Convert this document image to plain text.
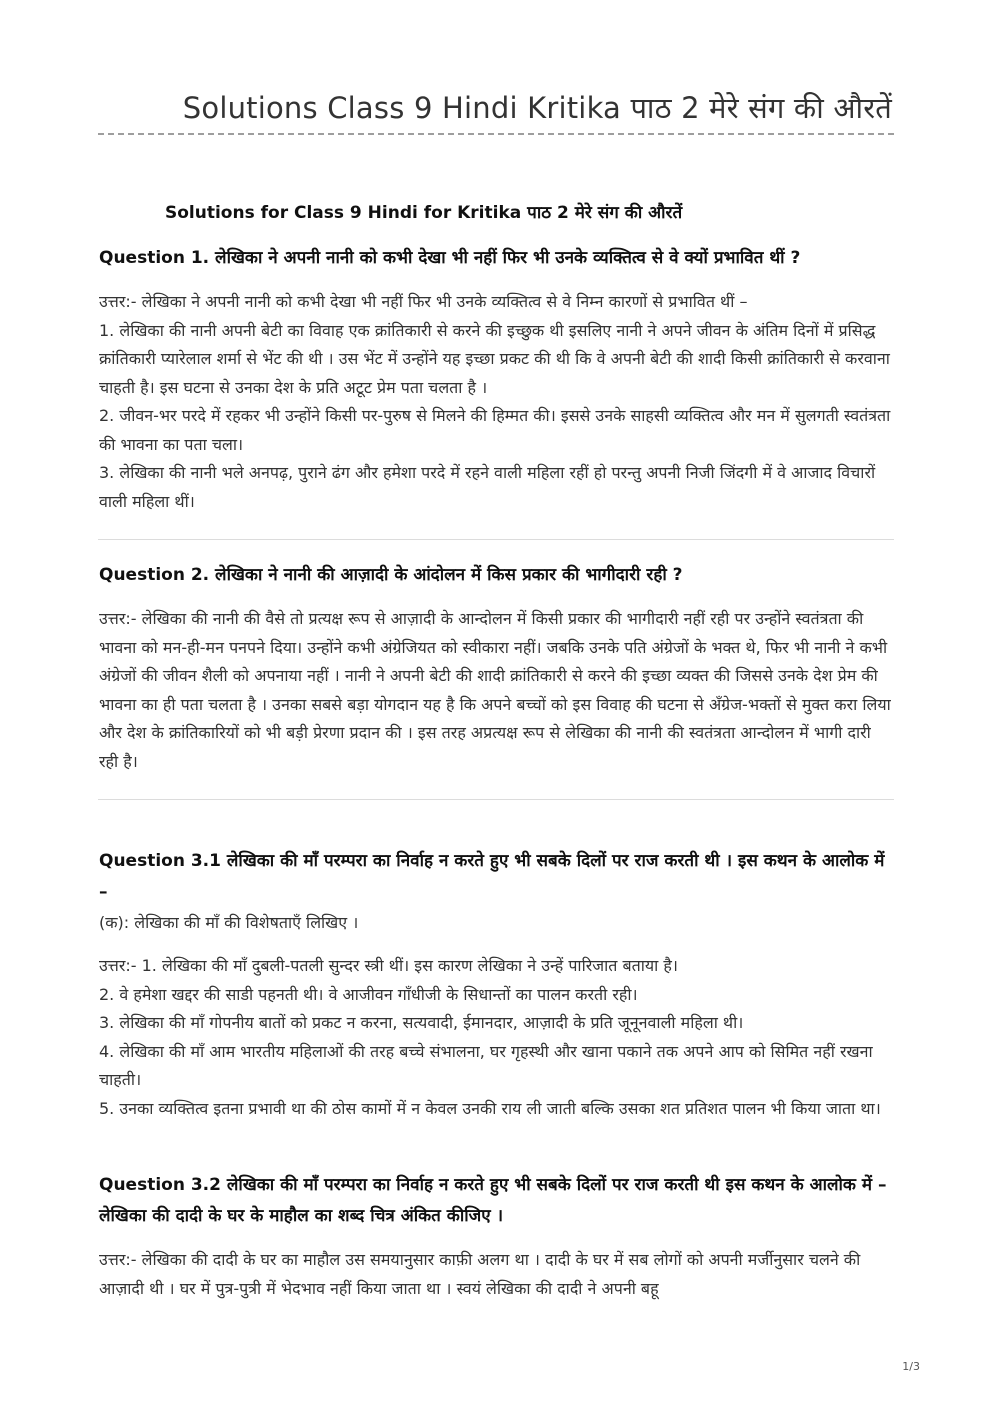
Solutions Class 9 Hindi Kritika पाठ 2 मेरे संग की औरतें
Solutions for Class 9 Hindi for Kritika पाठ 2 मेरे संग की औरतें
Question 1. लेखिका ने अपनी नानी को कभी देखा भी नहीं फिर भी उनके व्यक्तित्व से वे क्यों प्रभावित थीं ?

उत्तर:- लेखिका ने अपनी नानी को कभी देखा भी नहीं फिर भी उनके व्यक्तित्व से वे निम्न कारणों से प्रभावित थीं –

1. लेखिका की नानी अपनी बेटी का विवाह एक क्रांतिकारी से करने की इच्छुक थी इसलिए नानी ने अपने जीवन के अंतिम दिनों में प्रसिद्ध क्रांतिकारी प्यारेलाल शर्मा से भेंट की थी । उस भेंट में उन्होंने यह इच्छा प्रकट की थी कि वे अपनी बेटी की शादी किसी क्रांतिकारी से करवाना चाहती है। इस घटना से उनका देश के प्रति अटूट प्रेम पता चलता है ।

2. जीवन-भर परदे में रहकर भी उन्होंने किसी पर-पुरुष से मिलने की हिम्मत की। इससे उनके साहसी व्यक्तित्व और मन में सुलगती स्वतंत्रता की भावना का पता चला।

3. लेखिका की नानी भले अनपढ़, पुराने ढंग और हमेशा परदे में रहने वाली महिला रहीं हो परन्तु अपनी निजी जिंदगी में वे आजाद विचारों वाली महिला थीं।

Question 2. लेखिका ने नानी की आज़ादी के आंदोलन में किस प्रकार की भागीदारी रही ?

उत्तर:- लेखिका की नानी की वैसे तो प्रत्यक्ष रूप से आज़ादी के आन्दोलन में किसी प्रकार की भागीदारी नहीं रही पर उन्होंने स्वतंत्रता की भावना को मन-ही-मन पनपने दिया। उन्होंने कभी अंग्रेजियत को स्वीकारा नहीं। जबकि उनके पति अंग्रेजों के भक्त थे, फिर भी नानी ने कभी अंग्रेजों की जीवन शैली को अपनाया नहीं । नानी ने अपनी बेटी की शादी क्रांतिकारी से करने की इच्छा व्यक्त की जिससे उनके देश प्रेम की भावना का ही पता चलता है । उनका सबसे बड़ा योगदान यह है कि अपने बच्चों को इस विवाह की घटना से अँग्रेज-भक्तों से मुक्त करा लिया और देश के क्रांतिकारियों को भी बड़ी प्रेरणा प्रदान की । इस तरह अप्रत्यक्ष रूप से लेखिका की नानी की स्वतंत्रता आन्दोलन में भागी दारी रही है।

Question 3.1 लेखिका की माँ परम्परा का निर्वाह न करते हुए भी सबके दिलों पर राज करती थी । इस कथन के आलोक में –
(क): लेखिका की माँ की विशेषताएँ लिखिए ।

उत्तर:- 1. लेखिका की माँ दुबली-पतली सुन्दर स्त्री थीं। इस कारण लेखिका ने उन्हें पारिजात बताया है।

2. वे हमेशा खद्दर की साडी पहनती थी। वे आजीवन गाँधीजी के सिधान्तों का पालन करती रही।

3. लेखिका की माँ गोपनीय बातों को प्रकट न करना, सत्यवादी, ईमानदार, आज़ादी के प्रति जूनूनवाली महिला थी।

4. लेखिका की माँ आम भारतीय महिलाओं की तरह बच्चे संभालना, घर गृहस्थी और खाना पकाने तक अपने आप को सिमित नहीं रखना चाहती।

5. उनका व्यक्तित्व इतना प्रभावी था की ठोस कामों में न केवल उनकी राय ली जाती बल्कि उसका शत प्रतिशत पालन भी किया जाता था।

Question 3.2 लेखिका की माँ परम्परा का निर्वाह न करते हुए भी सबके दिलों पर राज करती थी इस कथन के आलोक में –
लेखिका की दादी के घर के माहौल का शब्द चित्र अंकित कीजिए ।

उत्तर:- लेखिका की दादी के घर का माहौल उस समयानुसार काफ़ी अलग था । दादी के घर में सब लोगों को अपनी मर्जीनुसार चलने की आज़ादी थी । घर में पुत्र-पुत्री में भेदभाव नहीं किया जाता था । स्वयं लेखिका की दादी ने अपनी बहू

1/3
